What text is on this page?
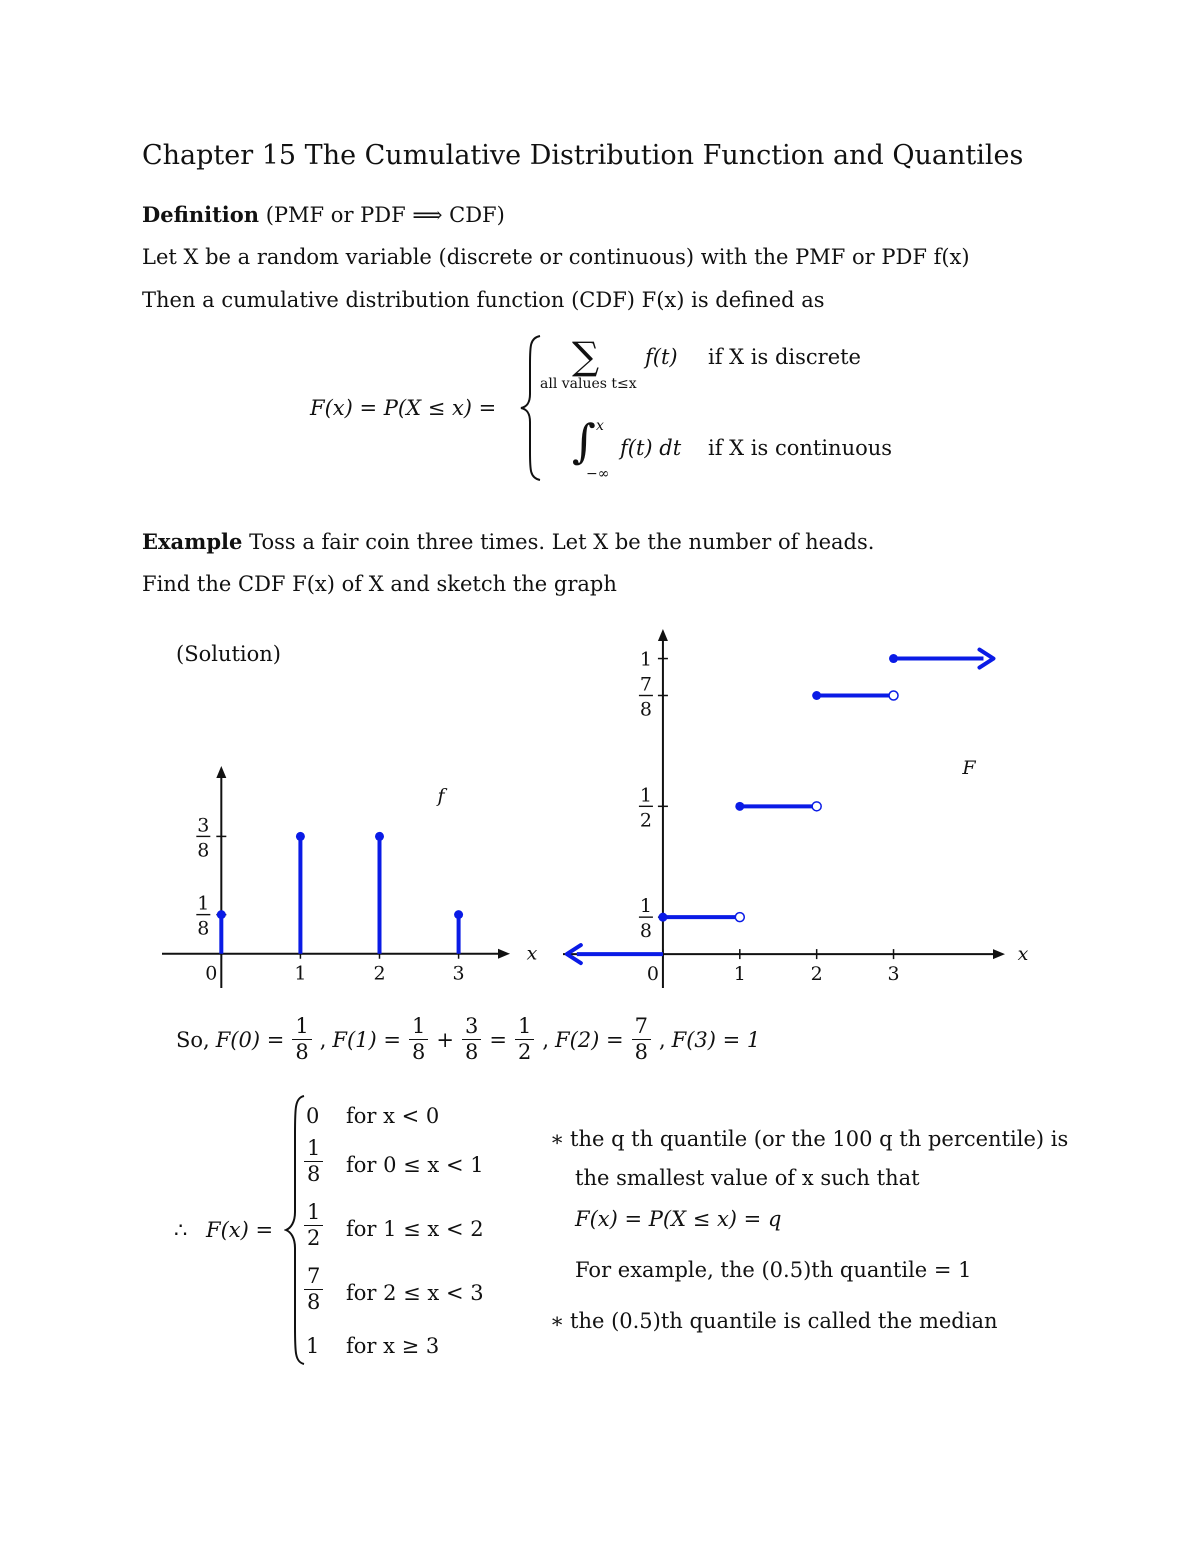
Chapter 15 The Cumulative Distribution Function and Quantiles
Definition (PMF or PDF ⟹ CDF)
Let X be a random variable (discrete or continuous) with the PMF or PDF f(x)
Then a cumulative distribution function (CDF) F(x) is defined as
F(x) = P(X ≤ x) =
∑
all values t≤x
f(t) if X is discrete
∫ x
−∞
f(t) dt if X is continuous
Example Toss a fair coin three times. Let X be the number of heads.
Find the CDF F(x) of X and sketch the graph
(Solution)
0	1	2	3
x
1
8
3
8
f
0	1	2	3
x
1
8
1
2
7
8
1
F
So, $F(0) = \frac{1}{8}$ , $F(1) = \frac{1}{8} + \frac{3}{8} = \frac{1}{2}$ , $F(2) = \frac{7}{8}$ , F(3) = 1
∴ F(x) =
0 for x < 0
$\frac{1}{8}$ for 0 ≤ x < 1
$\frac{1}{2}$ for 1 ≤ x < 2
$\frac{7}{8}$ for 2 ≤ x < 3
1 for x ≥ 3
∗ the q th quantile (or the 100 q th percentile) is
the smallest value of x such that
F(x) = P(X ≤ x) = q
For example, the (0.5)th quantile = 1
∗ the (0.5)th quantile is called the median
